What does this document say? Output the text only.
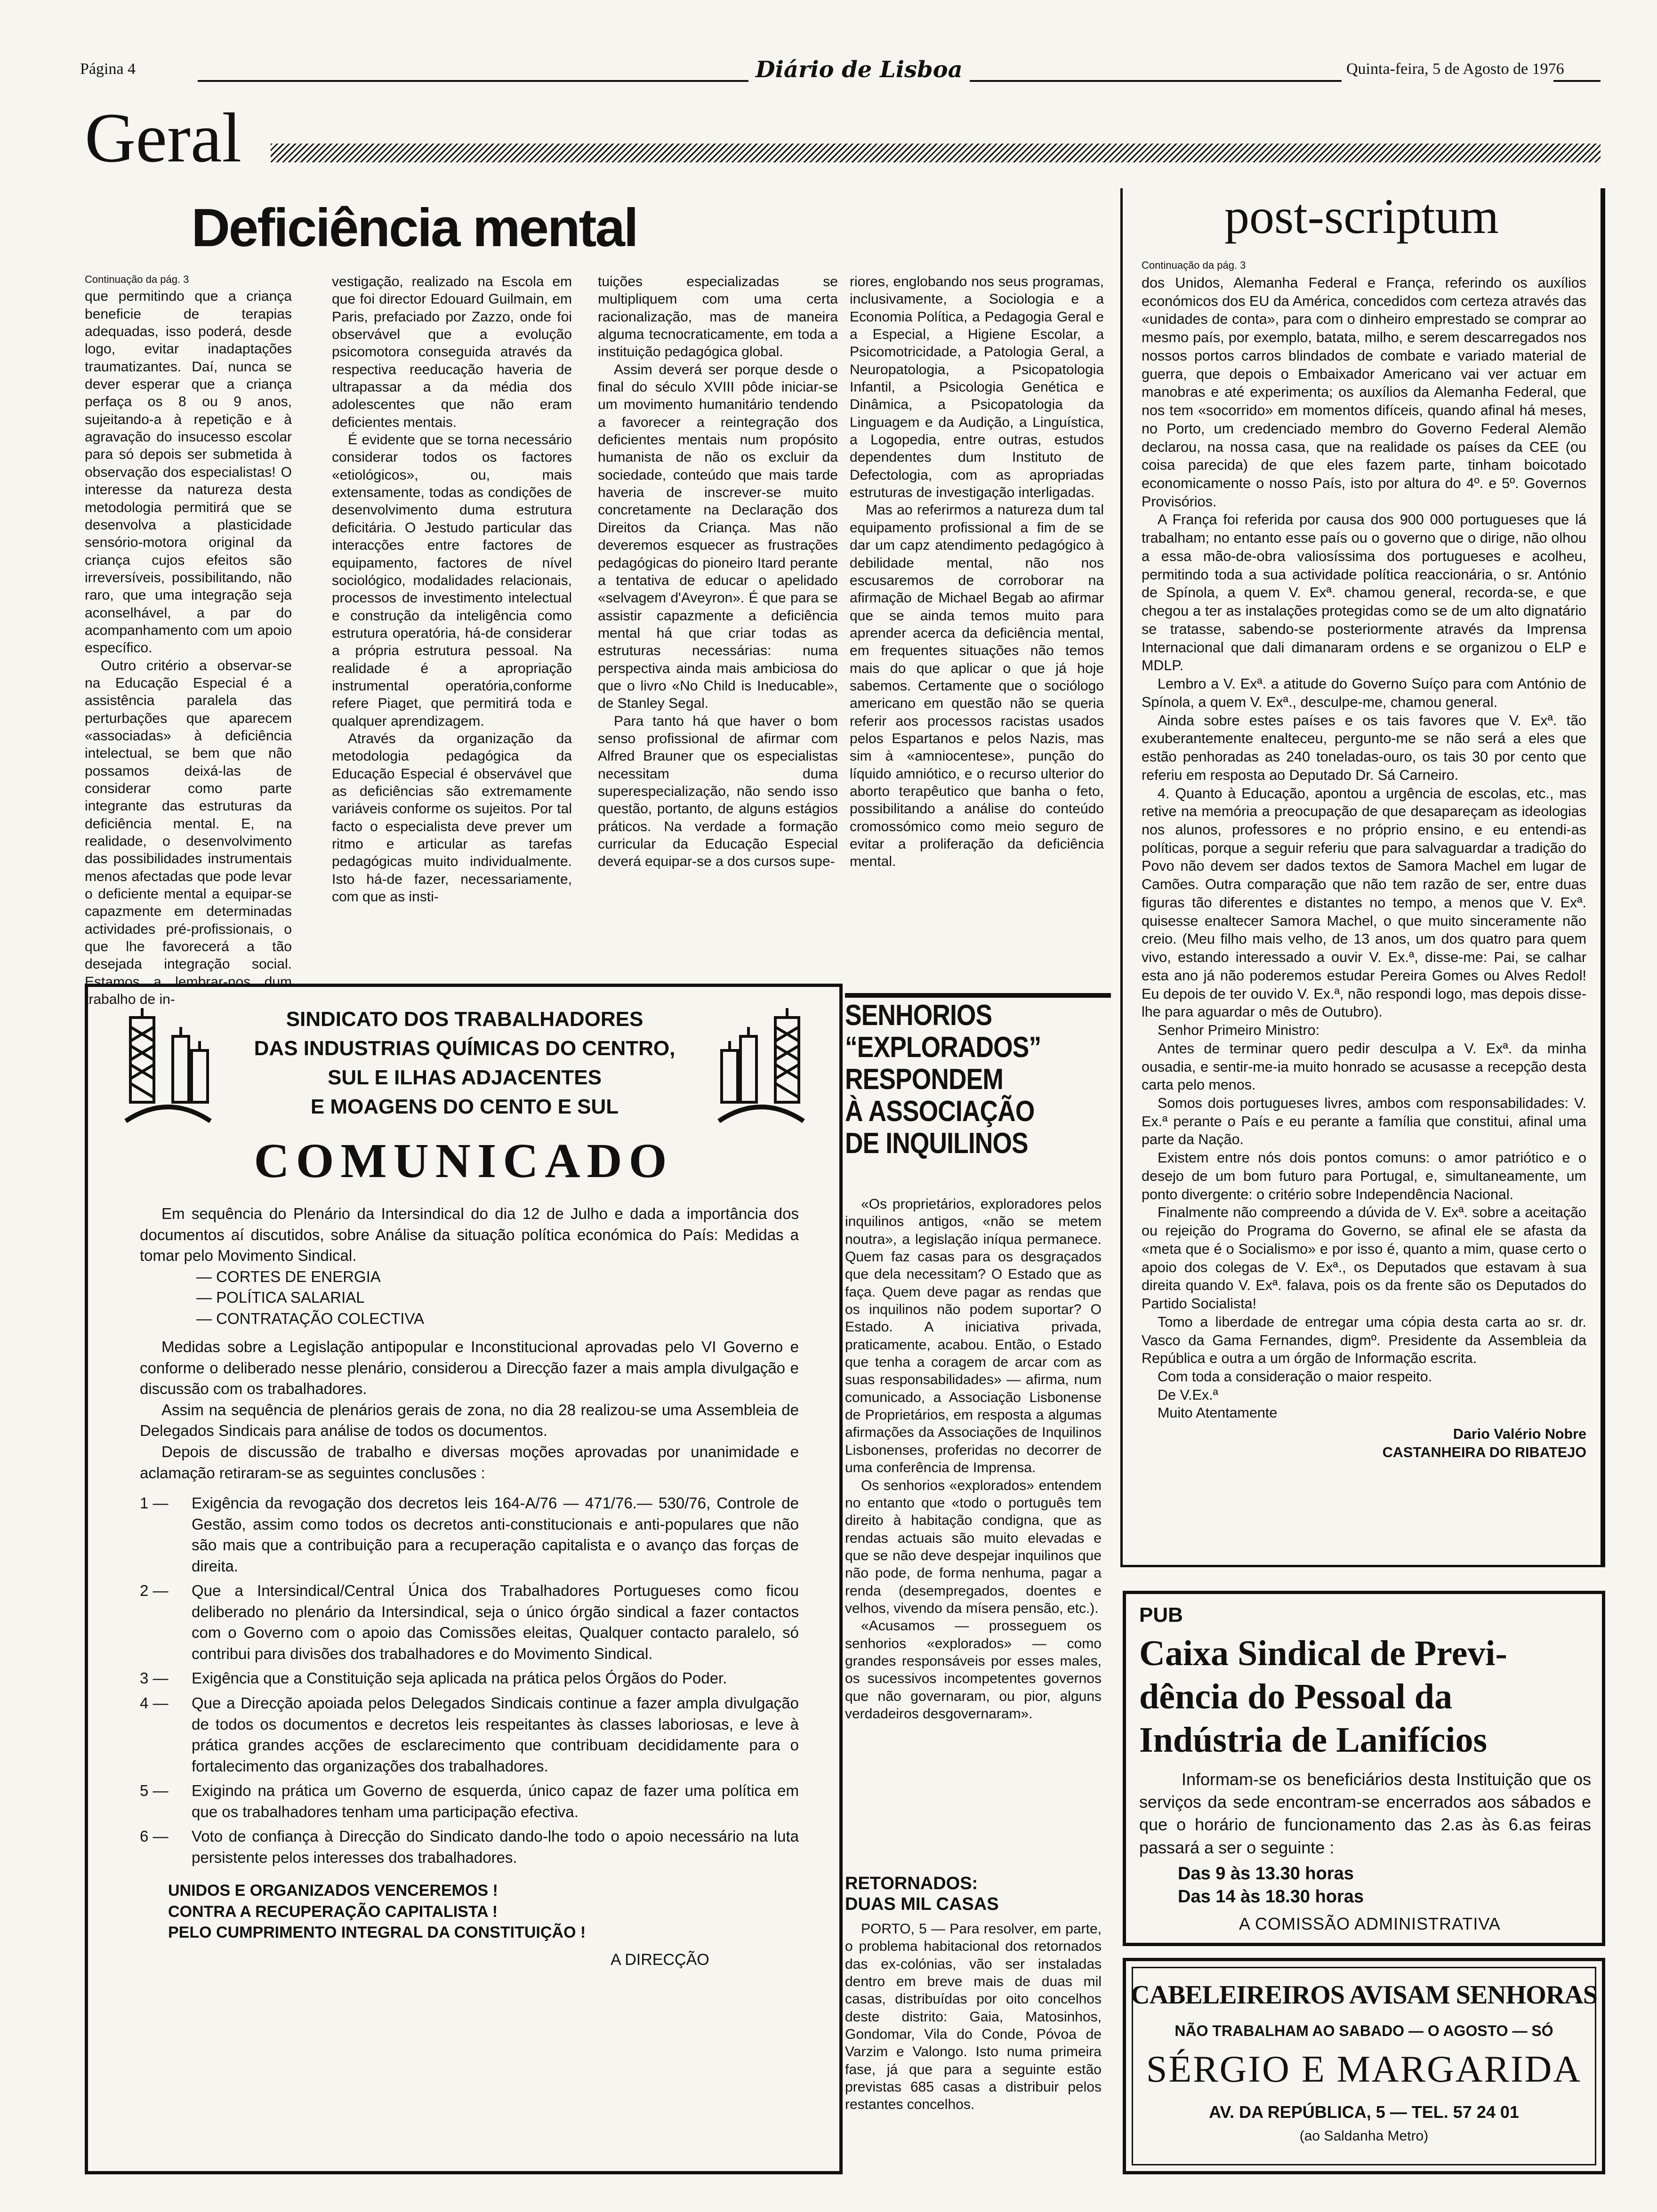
Página 4	Diário de Lisboa	Quinta-feira, 5 de Agosto de 1976
Geral
Deficiência mental
Continuação da pág. 3

que permitindo que a criança beneficie de terapias adequadas, isso poderá, desde logo, evitar inadaptações traumatizantes. Daí, nunca se dever esperar que a criança perfaça os 8 ou 9 anos, sujeitando-a à repetição e à agravação do insucesso escolar para só depois ser submetida à observação dos especialistas! O interesse da natureza desta metodologia permitirá que se desenvolva a plasticidade sensório-motora original da criança cujos efeitos são irreversíveis, possibilitando, não raro, que uma integração seja aconselhável, a par do acompanhamento com um apoio específico.

Outro critério a observar-se na Educação Especial é a assistência paralela das perturbações que aparecem «associadas» à deficiência intelectual, se bem que não possamos deixá-las de considerar como parte integrante das estruturas da deficiência mental. E, na realidade, o desenvolvimento das possibilidades instrumentais menos afectadas que pode levar o deficiente mental a equipar-se capazmente em determinadas actividades pré-profissionais, o que lhe favorecerá a tão desejada integração social. Estamos a lembrar-nos dum trabalho de in-

vestigação, realizado na Escola em que foi director Edouard Guilmain, em Paris, prefaciado por Zazzo, onde foi observável que a evolução psicomotora conseguida através da respectiva reeducação haveria de ultrapassar a da média dos adolescentes que não eram deficientes mentais.

É evidente que se torna necessário considerar todos os factores «etiológicos», ou, mais extensamente, todas as condições de desenvolvimento duma estrutura deficitária. O Jestudo particular das interacções entre factores de equipamento, factores de nível sociológico, modalidades relacionais, processos de investimento intelectual e construção da inteligência como estrutura operatória, há-de considerar a própria estrutura pessoal. Na realidade é a apropriação instrumental operatória,conforme refere Piaget, que permitirá toda e qualquer aprendizagem.

Através da organização da metodologia pedagógica da Educação Especial é observável que as deficiências são extremamente variáveis conforme os sujeitos. Por tal facto o especialista deve prever um ritmo e articular as tarefas pedagógicas muito individualmente. Isto há-de fazer, necessariamente, com que as insti-

tuições especializadas se multipliquem com uma certa racionalização, mas de maneira alguma tecnocraticamente, em toda a instituição pedagógica global.

Assim deverá ser porque desde o final do século XVIII pôde iniciar-se um movimento humanitário tendendo a favorecer a reintegração dos deficientes mentais num propósito humanista de não os excluir da sociedade, conteúdo que mais tarde haveria de inscrever-se muito concretamente na Declaração dos Direitos da Criança. Mas não deveremos esquecer as frustrações pedagógicas do pioneiro Itard perante a tentativa de educar o apelidado «selvagem d'Aveyron». É que para se assistir capazmente a deficiência mental há que criar todas as estruturas necessárias: numa perspectiva ainda mais ambiciosa do que o livro «No Child is Ineducable», de Stanley Segal.

Para tanto há que haver o bom senso profissional de afirmar com Alfred Brauner que os especialistas necessitam duma superespecialização, não sendo isso questão, portanto, de alguns estágios práticos. Na verdade a formação curricular da Educação Especial deverá equipar-se a dos cursos supe-

riores, englobando nos seus programas, inclusivamente, a Sociologia e a Economia Política, a Pedagogia Geral e a Especial, a Higiene Escolar, a Psicomotricidade, a Patologia Geral, a Neuropatologia, a Psicopatologia Infantil, a Psicologia Genética e Dinâmica, a Psicopatologia da Linguagem e da Audição, a Linguística, a Logopedia, entre outras, estudos dependentes dum Instituto de Defectologia, com as apropriadas estruturas de investigação interligadas.

Mas ao referirmos a natureza dum tal equipamento profissional a fim de se dar um capz atendimento pedagógico à debilidade mental, não nos escusaremos de corroborar na afirmação de Michael Begab ao afirmar que se ainda temos muito para aprender acerca da deficiência mental, em frequentes situações não temos mais do que aplicar o que já hoje sabemos. Certamente que o sociólogo americano em questão não se queria referir aos processos racistas usados pelos Espartanos e pelos Nazis, mas sim à «amniocentese», punção do líquido amniótico, e o recurso ulterior do aborto terapêutico que banha o feto, possibilitando a análise do conteúdo cromossómico como meio seguro de evitar a proliferação da deficiência mental.

SINDICATO DOS TRABALHADORES
DAS INDUSTRIAS QUÍMICAS DO CENTRO,
SUL E ILHAS ADJACENTES
E MOAGENS DO CENTO E SUL
COMUNICADO

Em sequência do Plenário da Intersindical do dia 12 de Julho e dada a importância dos documentos aí discutidos, sobre Análise da situação política económica do País: Medidas a tomar pelo Movimento Sindical.

— CORTES DE ENERGIA
— POLÍTICA SALARIAL
— CONTRATAÇÃO COLECTIVA

Medidas sobre a Legislação antipopular e Inconstitucional aprovadas pelo VI Governo e conforme o deliberado nesse plenário, considerou a Direcção fazer a mais ampla divulgação e discussão com os trabalhadores.

Assim na sequência de plenários gerais de zona, no dia 28 realizou-se uma Assembleia de Delegados Sindicais para análise de todos os documentos.

Depois de discussão de trabalho e diversas moções aprovadas por unanimidade e aclamação retiraram-se as seguintes conclusões :

1 —	Exigência da revogação dos decretos leis 164-A/76 — 471/76.— 530/76, Controle de Gestão, assim como todos os decretos anti-constitucionais e anti-populares que não são mais que a contribuição para a recuperação capitalista e o avanço das forças de direita.
2 —	Que a Intersindical/Central Única dos Trabalhadores Portugueses como ficou deliberado no plenário da Intersindical, seja o único órgão sindical a fazer contactos com o Governo com o apoio das Comissões eleitas, Qualquer contacto paralelo, só contribui para divisões dos trabalhadores e do Movimento Sindical.
3 —	Exigência que a Constituição seja aplicada na prática pelos Órgãos do Poder.
4 —	Que a Direcção apoiada pelos Delegados Sindicais continue a fazer ampla divulgação de todos os documentos e decretos leis respeitantes às classes laboriosas, e leve à prática grandes acções de esclarecimento que contribuam decididamente para o fortalecimento das organizações dos trabalhadores.
5 —	Exigindo na prática um Governo de esquerda, único capaz de fazer uma política em que os trabalhadores tenham uma participação efectiva.
6 —	Voto de confiança à Direcção do Sindicato dando-lhe todo o apoio necessário na luta persistente pelos interesses dos trabalhadores.
UNIDOS E ORGANIZADOS VENCEREMOS !
CONTRA A RECUPERAÇÃO CAPITALISTA !
PELO CUMPRIMENTO INTEGRAL DA CONSTITUIÇÃO !
A DIRECÇÃO
SENHORIOS
“EXPLORADOS”
RESPONDEM
À ASSOCIAÇÃO
DE INQUILINOS

«Os proprietários, exploradores pelos inquilinos antigos, «não se metem noutra», a legislação iníqua permanece. Quem faz casas para os desgraçados que dela necessitam? O Estado que as faça. Quem deve pagar as rendas que os inquilinos não podem suportar? O Estado. A iniciativa privada, praticamente, acabou. Então, o Estado que tenha a coragem de arcar com as suas responsabilidades» — afirma, num comunicado, a Associação Lisbonense de Proprietários, em resposta a algumas afirmações da Associações de Inquilinos Lisbonenses, proferidas no decorrer de uma conferência de Imprensa.

Os senhorios «explorados» entendem no entanto que «todo o português tem direito à habitação condigna, que as rendas actuais são muito elevadas e que se não deve despejar inquilinos que não pode, de forma nenhuma, pagar a renda (desempregados, doentes e velhos, vivendo da mísera pensão, etc.).

«Acusamos — prosseguem os senhorios «explorados» — como grandes responsáveis por esses males, os sucessivos incompetentes governos que não governaram, ou pior, alguns verdadeiros desgovernaram».

RETORNADOS:
DUAS MIL CASAS

PORTO, 5 — Para resolver, em parte, o problema habitacional dos retornados das ex-colónias, vão ser instaladas dentro em breve mais de duas mil casas, distribuídas por oito concelhos deste distrito: Gaia, Matosinhos, Gondomar, Vila do Conde, Póvoa de Varzim e Valongo. Isto numa primeira fase, já que para a seguinte estão previstas 685 casas a distribuir pelos restantes concelhos.

post-scriptum
Continuação da pág. 3

dos Unidos, Alemanha Federal e França, referindo os auxílios económicos dos EU da América, concedidos com certeza através das «unidades de conta», para com o dinheiro emprestado se comprar ao mesmo país, por exemplo, batata, milho, e serem descarregados nos nossos portos carros blindados de combate e variado material de guerra, que depois o Embaixador Americano vai ver actuar em manobras e até experimenta; os auxílios da Alemanha Federal, que nos tem «socorrido» em momentos difíceis, quando afinal há meses, no Porto, um credenciado membro do Governo Federal Alemão declarou, na nossa casa, que na realidade os países da CEE (ou coisa parecida) de que eles fazem parte, tinham boicotado economicamente o nosso País, isto por altura do 4º. e 5º. Governos Provisórios.

A França foi referida por causa dos 900 000 portugueses que lá trabalham; no entanto esse país ou o governo que o dirige, não olhou a essa mão-de-obra valiosíssima dos portugueses e acolheu, permitindo toda a sua actividade política reaccionária, o sr. António de Spínola, a quem V. Exª. chamou general, recorda-se, e que chegou a ter as instalações protegidas como se de um alto dignatário se tratasse, sabendo-se posteriormente através da Imprensa Internacional que dali dimanaram ordens e se organizou o ELP e MDLP.

Lembro a V. Exª. a atitude do Governo Suíço para com António de Spínola, a quem V. Exª., desculpe-me, chamou general.

Ainda sobre estes países e os tais favores que V. Exª. tão exuberantemente enalteceu, pergunto-me se não será a eles que estão penhoradas as 240 toneladas-ouro, os tais 30 por cento que referiu em resposta ao Deputado Dr. Sá Carneiro.

4. Quanto à Educação, apontou a urgência de escolas, etc., mas retive na memória a preocupação de que desapareçam as ideologias nos alunos, professores e no próprio ensino, e eu entendi-as políticas, porque a seguir referiu que para salvaguardar a tradição do Povo não devem ser dados textos de Samora Machel em lugar de Camões. Outra comparação que não tem razão de ser, entre duas figuras tão diferentes e distantes no tempo, a menos que V. Exª. quisesse enaltecer Samora Machel, o que muito sinceramente não creio. (Meu filho mais velho, de 13 anos, um dos quatro para quem vivo, estando interessado a ouvir V. Ex.ª, disse-me: Pai, se calhar esta ano já não poderemos estudar Pereira Gomes ou Alves Redol! Eu depois de ter ouvido V. Ex.ª, não respondi logo, mas depois disse-lhe para aguardar o mês de Outubro).

Senhor Primeiro Ministro:

Antes de terminar quero pedir desculpa a V. Exª. da minha ousadia, e sentir-me-ia muito honrado se acusasse a recepção desta carta pelo menos.

Somos dois portugueses livres, ambos com responsabilidades: V. Ex.ª perante o País e eu perante a família que constitui, afinal uma parte da Nação.

Existem entre nós dois pontos comuns: o amor patriótico e o desejo de um bom futuro para Portugal, e, simultaneamente, um ponto divergente: o critério sobre Independência Nacional.

Finalmente não compreendo a dúvida de V. Exª. sobre a aceitação ou rejeição do Programa do Governo, se afinal ele se afasta da «meta que é o Socialismo» e por isso é, quanto a mim, quase certo o apoio dos colegas de V. Exª., os Deputados que estavam à sua direita quando V. Exª. falava, pois os da frente são os Deputados do Partido Socialista!

Tomo a liberdade de entregar uma cópia desta carta ao sr. dr. Vasco da Gama Fernandes, digmº. Presidente da Assembleia da República e outra a um órgão de Informação escrita.

Com toda a consideração o maior respeito.

De V.Ex.ª

Muito Atentamente

Dario Valério Nobre
CASTANHEIRA DO RIBATEJO
PUB
Caixa Sindical de Previ-
dência do Pessoal da
Indústria de Lanifícios
Informam-se os beneficiários desta Instituição que os serviços da sede encontram-se encerrados aos sábados e que o horário de funcionamento das 2.as às 6.as feiras passará a ser o seguinte :
Das 9 às 13.30 horas
Das 14 às 18.30 horas
A COMISSÃO ADMINISTRATIVA
CABELEIREIROS AVISAM SENHORAS
NÃO TRABALHAM AO SABADO — O AGOSTO — SÓ
SÉRGIO E MARGARIDA
AV. DA REPÚBLICA, 5 — TEL. 57 24 01
(ao Saldanha Metro)
